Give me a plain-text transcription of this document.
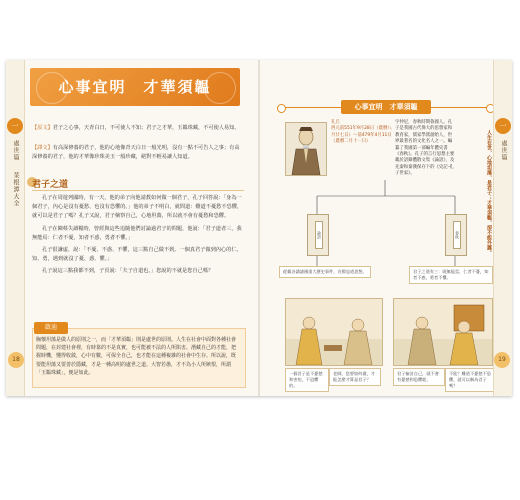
一
處世篇
菜根譚大全
心事宜明　才華須韞
【原文】君子之心事，天青白日，不可使人不知；君子之才華，玉韞珠藏，不可使人易知。
【譯文】有高深修養的君子，他的心地像青天白日一般光明，沒有一點不可告人之事；有高深修養的君子，他的才華像珍珠美玉一般珍藏，絕對不輕易讓人知道。
君子之道

孔子在周遊列國時，有一天，他的弟子向他請教如何做一個君子，孔子回答說：「身為一個君子，內心是沒有憂愁、也沒有恐懼的。」他的弟子不明白，就問道：難道不憂愁不恐懼，就可以是君子了嗎？孔子又說，君子檢察自己，心地坦蕩，所以就不會有憂愁和恐懼。

孔子在陳蔡失讀糧時，曾經與這些追隨他們討論過君子的問題，他說：「君子道者三，我無能焉：仁者不憂，知者不惑，勇者不懼。」

孔子很謙虛，說：「不憂、不惑、不懼，這三點自己做不到。一個真君子做到內心的仁，知、勇，遇到就沒了憂、惑、懼。」

孔子說這三點我都不到，子貢說：「夫子自道也。」您說的不就是您自己嗎？

啟迪
胸懷坦蕩是做人的原則之一，而「才華須韞」則是處世的原則。人生在社會中面對各種社會問題，在封建社會裡，有時靠的不是真實，也可能被不法的人所陷害。潛藏自己的才能，把握時機，懂得收斂，心中有數，可保全自己，也才能在這種複雜的社會中生存。所以說，既要能坦蕩又要善於隱藏，才是一種高明的處世之道。大智若愚，才不為小人所嫉恨，所謂「玉韞珠藏」，便是如此。
18
心事宜明　才華須韞
孔丘
西元前551年9月28日（農曆八月廿七日）～前479年4月11日（農曆二月十一日）
字仲尼，春秋時期魯國人。孔子是我國古代偉大的思想家和教育家，儒家學派創始人，世界最著名的文化名人之一。編纂了我國第一部編年體史書《春秋》。孔子的言行思想主要載於語錄體散文集《論語》，及先秦和秦漢保存下的《史記·孔子世家》。
論語	春秋
從載各讀諸國重大歷史事件，宣揚忠道思想。	君子之道有三：既無能焉，仁者不憂，知者不惑，勇者不懼。
一個君子是不憂愁和害怕，不恐懼的。
老師，您要如何做，才能怎麼才算是君子？
君子檢討自己，就不會有憂愁和恐懼呢。
不能？難道不憂愁不恐懼，就可以稱為君子嗎？
一
處世篇
人生在世，心地坦蕩，是君子；才華須韞，卻不能外露。
19
